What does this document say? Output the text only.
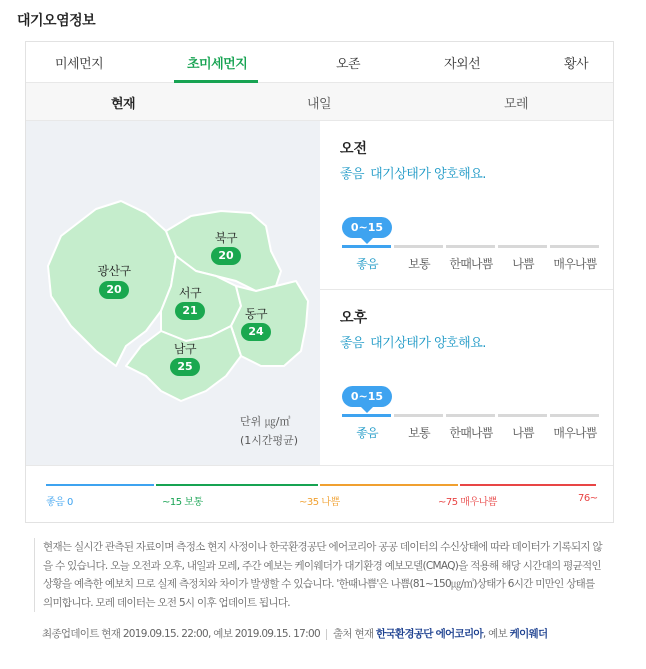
대기오염정보
미세먼지	초미세먼지	오존	자외선	황사
현재	내일	모레
북구
20
광산구
20	서구
21	동구
24
남구
25
단위 ㎍/㎥
(1시간평균)
오전
좋음 대기상태가 양호해요.
0~15
좋음	보통	한때나쁨	나쁨	매우나쁨
오후
좋음 대기상태가 양호해요.
0~15
좋음	보통	한때나쁨	나쁨	매우나쁨
좋음 0	~15 보통	~35 나쁨	~75 매우나쁨	76~

현재는 실시간 관측된 자료이며 측정소 현지 사정이나 한국환경공단 에어코리아 공공 데이터의 수신상태에 따라 데이터가 기록되지 않을 수 있습니다. 오늘 오전과 오후, 내일과 모레, 주간 예보는 케이웨더가 대기환경 예보모델(CMAQ)을 적용해 해당 시간대의 평균적인 상황을 예측한 예보치 므로 실제 측정치와 차이가 발생할 수 있습니다. '한때나쁨'은 나쁨(81~150㎍/㎥)상태가 6시간 미만인 상태를 의미합니다. 모레 데이터는 오전 5시 이후 업데이트 됩니다.

최종업데이트 현재 2019.09.15. 22:00, 예보 2019.09.15. 17:00 출처 현재 한국환경공단 에어코리아, 예보 케이웨더
